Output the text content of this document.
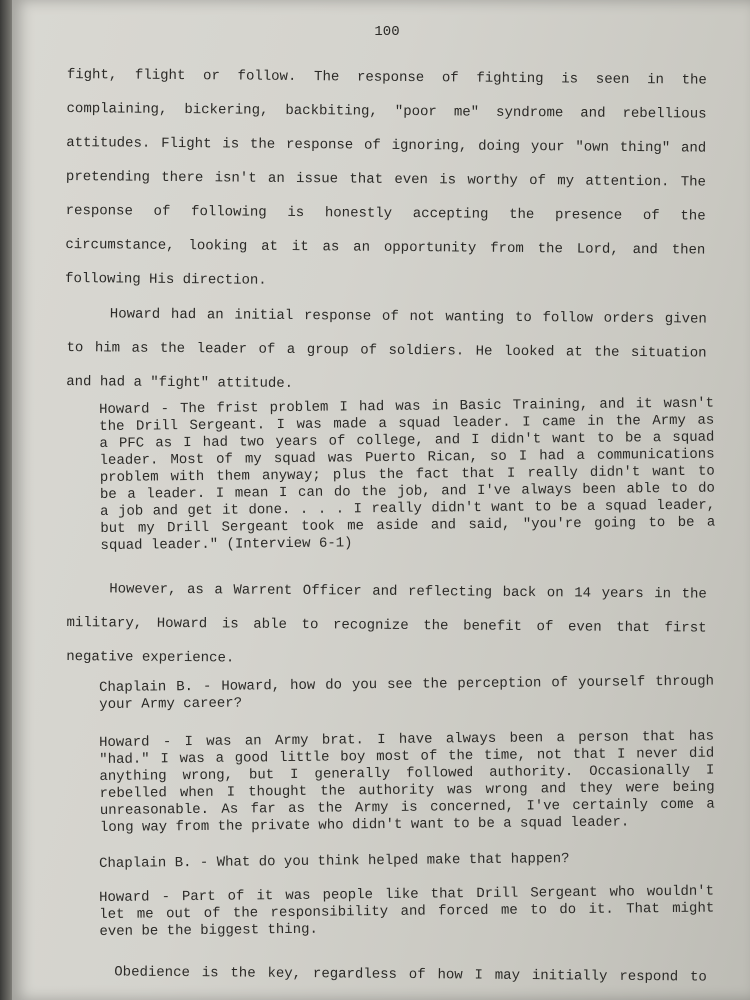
100
fight, flight or follow. The response of fighting is seen in the
complaining, bickering, backbiting, "poor me" syndrome and rebellious
attitudes. Flight is the response of ignoring, doing your "own thing" and
pretending there isn't an issue that even is worthy of my attention. The
response of following is honestly accepting the presence of the
circumstance, looking at it as an opportunity from the Lord, and then
following His direction.
Howard had an initial response of not wanting to follow orders given
to him as the leader of a group of soldiers. He looked at the situation
and had a "fight" attitude.
Howard - The frist problem I had was in Basic Training, and it wasn't
the Drill Sergeant. I was made a squad leader. I came in the Army as
a PFC as I had two years of college, and I didn't want to be a squad
leader. Most of my squad was Puerto Rican, so I had a communications
problem with them anyway; plus the fact that I really didn't want to
be a leader. I mean I can do the job, and I've always been able to do
a job and get it done. . . . I really didn't want to be a squad leader,
but my Drill Sergeant took me aside and said, "you're going to be a
squad leader." (Interview 6-1)
However, as a Warrent Officer and reflecting back on 14 years in the
military, Howard is able to recognize the benefit of even that first
negative experience.
Chaplain B. - Howard, how do you see the perception of yourself through
your Army career?
Howard - I was an Army brat. I have always been a person that has
"had." I was a good little boy most of the time, not that I never did
anything wrong, but I generally followed authority. Occasionally I
rebelled when I thought the authority was wrong and they were being
unreasonable. As far as the Army is concerned, I've certainly come a
long way from the private who didn't want to be a squad leader.
Chaplain B. - What do you think helped make that happen?
Howard - Part of it was people like that Drill Sergeant who wouldn't
let me out of the responsibility and forced me to do it. That might
even be the biggest thing.
Obedience is the key, regardless of how I may initially respond to
